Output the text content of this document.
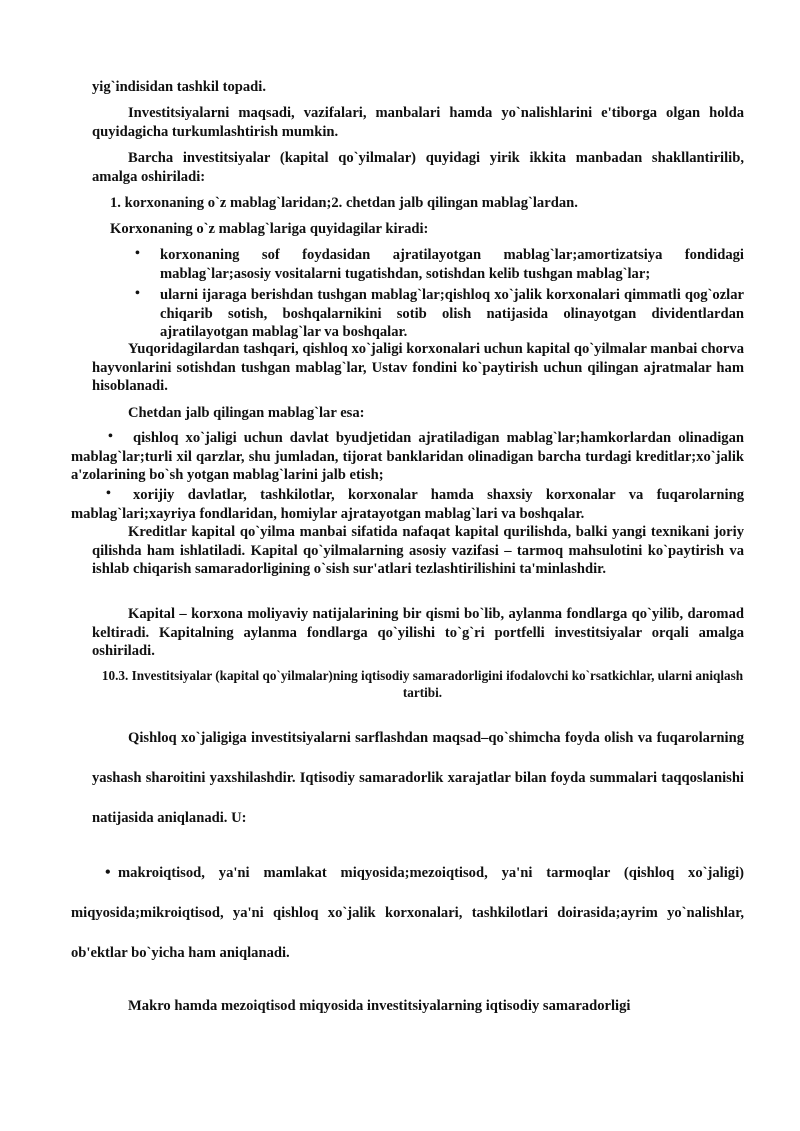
yig`indisidan tashkil topadi.

Investitsiyalarni maqsadi, vazifalari, manbalari hamda yo`nalishlarini e'tiborga olgan holda quyidagicha turkumlashtirish mumkin.

Barcha investitsiyalar (kapital qo`yilmalar) quyidagi yirik ikkita manbadan shakllantirilib, amalga oshiriladi:

1. korxonaning o`z mablag`laridan;2. chetdan jalb qilingan mablag`lardan.

Korxonaning o`z mablag`lariga quyidagilar kiradi:

• korxonaning sof foydasidan ajratilayotgan mablag`lar;amortizatsiya fondidagi mablag`lar;asosiy vositalarni tugatishdan, sotishdan kelib tushgan mablag`lar;

• ularni ijaraga berishdan tushgan mablag`lar;qishloq xo`jalik korxonalari qimmatli qog`ozlar chiqarib sotish, boshqalarnikini sotib olish natijasida olinayotgan dividentlardan ajratilayotgan mablag`lar va boshqalar.

Yuqoridagilardan tashqari, qishloq xo`jaligi korxonalari uchun kapital qo`yilmalar manbai chorva hayvonlarini sotishdan tushgan mablag`lar, Ustav fondini ko`paytirish uchun qilingan ajratmalar ham hisoblanadi.

Chetdan jalb qilingan mablag`lar esa:

•	qishloq xo`jaligi uchun davlat byudjetidan ajratiladigan mablag`lar;hamkorlardan olinadigan mablag`lar;turli xil qarzlar, shu jumladan, tijorat banklaridan olinadigan barcha turdagi kreditlar;xo`jalik a'zolarining bo`sh yotgan mablag`larini jalb etish;

•	xorijiy davlatlar, tashkilotlar, korxonalar hamda shaxsiy korxonalar va fuqarolarning mablag`lari;xayriya fondlaridan, homiylar ajratayotgan mablag`lari va boshqalar.

Kreditlar kapital qo`yilma manbai sifatida nafaqat kapital qurilishda, balki yangi texnikani joriy qilishda ham ishlatiladi. Kapital qo`yilmalarning asosiy vazifasi – tarmoq mahsulotini ko`paytirish va ishlab chiqarish samaradorligining o`sish sur'atlari tezlashtirilishini ta'minlashdir.

Kapital – korxona moliyaviy natijalarining bir qismi bo`lib, aylanma fondlarga qo`yilib, daromad keltiradi. Kapitalning aylanma fondlarga qo`yilishi to`g`ri portfelli investitsiyalar orqali amalga oshiriladi.

10.3. Investitsiyalar (kapital qo`yilmalar)ning iqtisodiy samaradorligini ifodalovchi ko`rsatkichlar, ularni aniqlash tartibi.

Qishloq xo`jaligiga investitsiyalarni sarflashdan maqsad–qo`shimcha foyda olish va fuqarolarning yashash sharoitini yaxshilashdir. Iqtisodiy samaradorlik xarajatlar bilan foyda summalari taqqoslanishi natijasida aniqlanadi. U:

• makroiqtisod, ya'ni mamlakat miqyosida;mezoiqtisod, ya'ni tarmoqlar (qishloq xo`jaligi) miqyosida;mikroiqtisod, ya'ni qishloq xo`jalik korxonalari, tashkilotlari doirasida;ayrim yo`nalishlar, ob'ektlar bo`yicha ham aniqlanadi.

Makro hamda mezoiqtisod miqyosida investitsiyalarning iqtisodiy samaradorligi
